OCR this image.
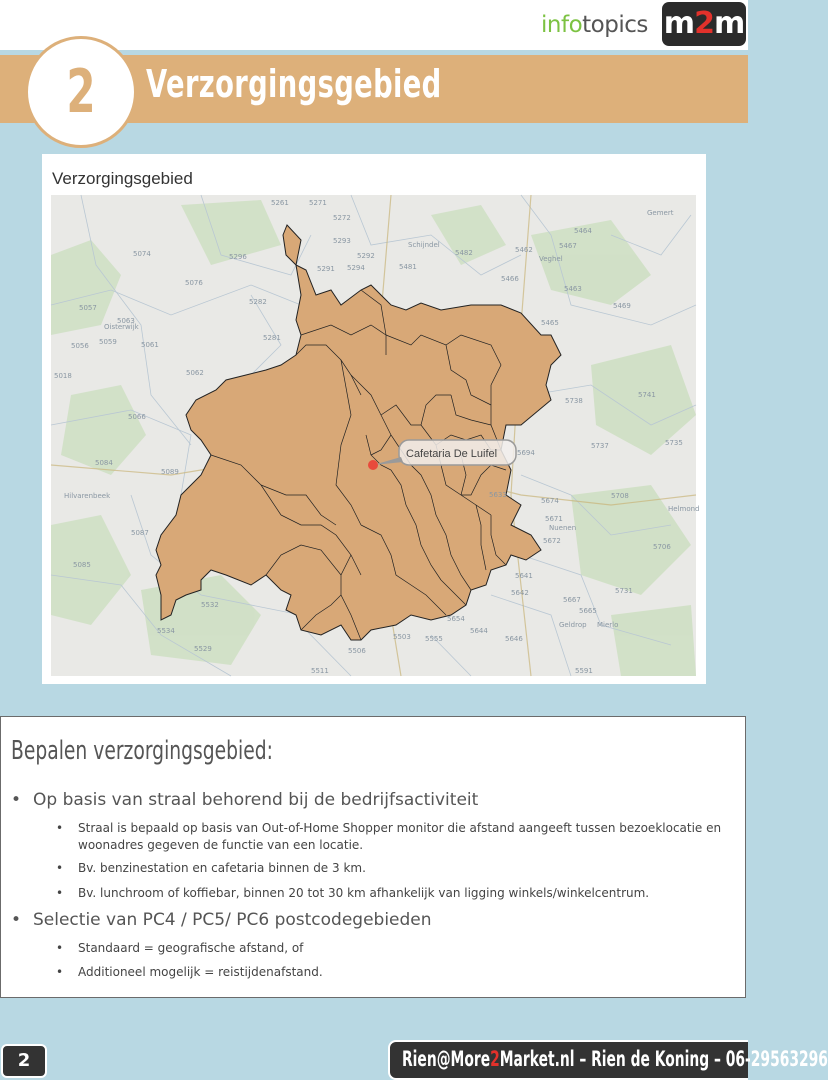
infotopics m2m
Verzorgingsgebied
2
Verzorgingsgebied
5261	5271
5272
5293
5292
5294
5291	5481
5482	5462	5467
5464
5466
5463
5469
5465
5074
5076
5296
5282
5281
5057
5063
5061
5059
5056
5062
5018
5066
5084
5089
5087
5085
5534
5529
5532
5503 5555
5654
5644
5646
5642
5667
5665
5591
5506
5511
5738
5741
5737	5735
5694
5633
5674
5708
5706
5731
5641
5672
5671
Oisterwijk
Hilvarenbeek
Veghel
Schijndel
Helmond
Nuenen
Gemert
Geldrop Mierlo
Cafetaria De Luifel
Bepalen verzorgingsgebied:
• Op basis van straal behorend bij de bedrijfsactiviteit
• Straal is bepaald op basis van Out-of-Home Shopper monitor die afstand aangeeft tussen bezoeklocatie en woonadres gegeven de functie van een locatie.
• Bv. benzinestation en cafetaria binnen de 3 km.
• Bv. lunchroom of koffiebar, binnen 20 tot 30 km afhankelijk van ligging winkels/winkelcentrum.
• Selectie van PC4 / PC5/ PC6 postcodegebieden
• Standaard = geografische afstand, of
• Additioneel mogelijk = reistijdenafstand.
2	Rien@More2Market.nl – Rien de Koning – 06-29563296
